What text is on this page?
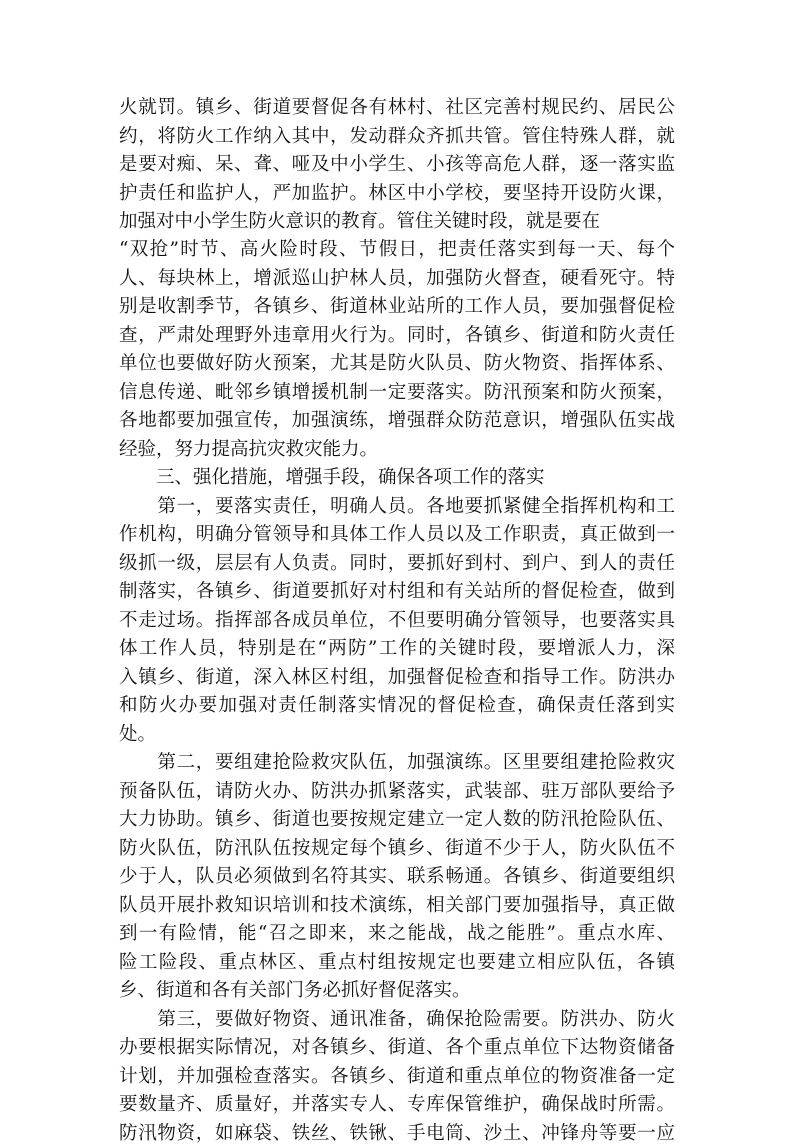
火就罚。镇乡、街道要督促各有林村、社区完善村规民约、居民公
约，将防火工作纳入其中，发动群众齐抓共管。管住特殊人群，就
是要对痴、呆、聋、哑及中小学生、小孩等高危人群，逐一落实监
护责任和监护人，严加监护。林区中小学校，要坚持开设防火课，
加强对中小学生防火意识的教育。管住关键时段，就是要在
“双抢”时节、高火险时段、节假日，把责任落实到每一天、每个
人、每块林上，增派巡山护林人员，加强防火督查，硬看死守。特
别是收割季节，各镇乡、街道林业站所的工作人员，要加强督促检
查，严肃处理野外违章用火行为。同时，各镇乡、街道和防火责任
单位也要做好防火预案，尤其是防火队员、防火物资、指挥体系、
信息传递、毗邻乡镇增援机制一定要落实。防汛预案和防火预案，
各地都要加强宣传，加强演练，增强群众防范意识，增强队伍实战
经验，努力提高抗灾救灾能力。
　　三、强化措施，增强手段，确保各项工作的落实
　　第一，要落实责任，明确人员。各地要抓紧健全指挥机构和工
作机构，明确分管领导和具体工作人员以及工作职责，真正做到一
级抓一级，层层有人负责。同时，要抓好到村、到户、到人的责任
制落实，各镇乡、街道要抓好对村组和有关站所的督促检查，做到
不走过场。指挥部各成员单位，不但要明确分管领导，也要落实具
体工作人员，特别是在“两防”工作的关键时段，要增派人力，深
入镇乡、街道，深入林区村组，加强督促检查和指导工作。防洪办
和防火办要加强对责任制落实情况的督促检查，确保责任落到实
处。
　　第二，要组建抢险救灾队伍，加强演练。区里要组建抢险救灾
预备队伍，请防火办、防洪办抓紧落实，武装部、驻万部队要给予
大力协助。镇乡、街道也要按规定建立一定人数的防汛抢险队伍、
防火队伍，防汛队伍按规定每个镇乡、街道不少于人，防火队伍不
少于人，队员必须做到名符其实、联系畅通。各镇乡、街道要组织
队员开展扑救知识培训和技术演练，相关部门要加强指导，真正做
到一有险情，能“召之即来，来之能战，战之能胜”。重点水库、
险工险段、重点林区、重点村组按规定也要建立相应队伍，各镇
乡、街道和各有关部门务必抓好督促落实。
　　第三，要做好物资、通讯准备，确保抢险需要。防洪办、防火
办要根据实际情况，对各镇乡、街道、各个重点单位下达物资储备
计划，并加强检查落实。各镇乡、街道和重点单位的物资准备一定
要数量齐、质量好，并落实专人、专库保管维护，确保战时所需。
防汛物资，如麻袋、铁丝、铁锹、手电筒、沙土、冲锋舟等要一应
